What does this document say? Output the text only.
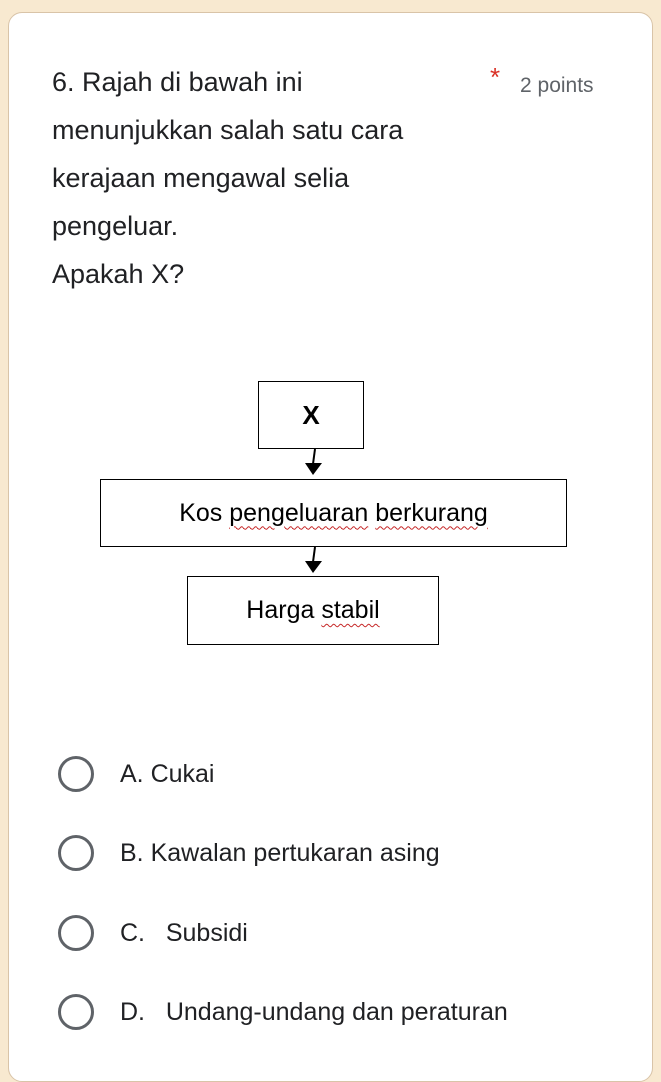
6. Rajah di bawah ini
menunjukkan salah satu cara
kerajaan mengawal selia
pengeluar.
Apakah X?
* 2 points
X
Kos
pengeluaran
berkurang
Harga
stabil
A. Cukai
B. Kawalan pertukaran asing
C.   Subsidi
D.   Undang-undang dan peraturan
